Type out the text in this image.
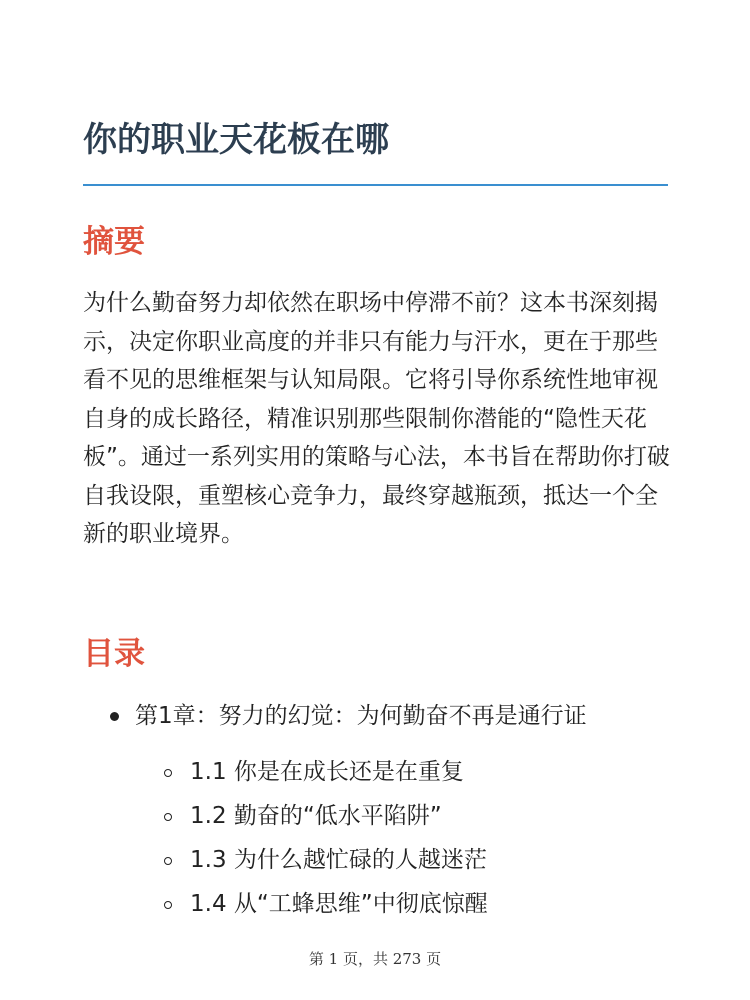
你的职业天花板在哪
摘要

为什么勤奋努力却依然在职场中停滞不前？这本书深刻揭示，决定你职业高度的并非只有能力与汗水，更在于那些看不见的思维框架与认知局限。它将引导你系统性地审视自身的成长路径，精准识别那些限制你潜能的“隐性天花板”。通过一系列实用的策略与心法，本书旨在帮助你打破自我设限，重塑核心竞争力，最终穿越瓶颈，抵达一个全新的职业境界。

目录
第1章：努力的幻觉：为何勤奋不再是通行证
1.1 你是在成长还是在重复
1.2 勤奋的“低水平陷阱”
1.3 为什么越忙碌的人越迷茫
1.4 从“工蜂思维”中彻底惊醒
第 1 页，共 273 页
